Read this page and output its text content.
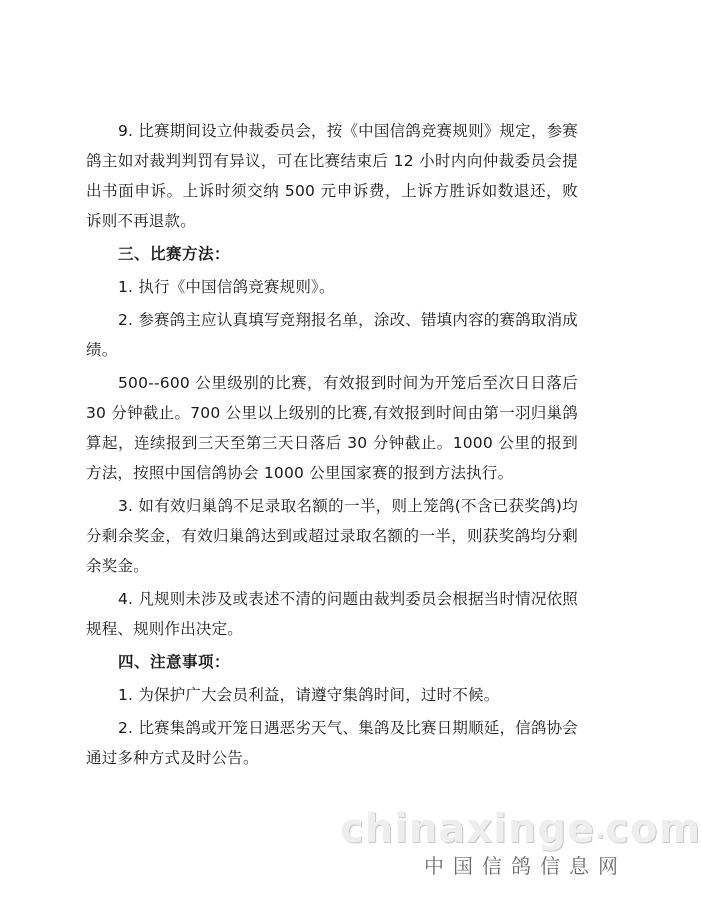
9. 比赛期间设立仲裁委员会，按《中国信鸽竞赛规则》规定，参赛鸽主如对裁判判罚有异议，可在比赛结束后 12 小时内向仲裁委员会提出书面申诉。上诉时须交纳 500 元申诉费，上诉方胜诉如数退还，败诉则不再退款。

三、比赛方法：

1. 执行《中国信鸽竞赛规则》。

2. 参赛鸽主应认真填写竞翔报名单，涂改、错填内容的赛鸽取消成绩。

500--600 公里级别的比赛，有效报到时间为开笼后至次日日落后 30 分钟截止。700 公里以上级别的比赛,有效报到时间由第一羽归巢鸽算起，连续报到三天至第三天日落后 30 分钟截止。1000 公里的报到方法，按照中国信鸽协会 1000 公里国家赛的报到方法执行。

3. 如有效归巢鸽不足录取名额的一半，则上笼鸽(不含已获奖鸽)均分剩余奖金，有效归巢鸽达到或超过录取名额的一半，则获奖鸽均分剩余奖金。

4. 凡规则未涉及或表述不清的问题由裁判委员会根据当时情况依照规程、规则作出决定。

四、注意事项：

1. 为保护广大会员利益，请遵守集鸽时间，过时不候。

2. 比赛集鸽或开笼日遇恶劣天气、集鸽及比赛日期顺延，信鸽协会通过多种方式及时公告。

chinaxinge.com
中国信鸽信息网
